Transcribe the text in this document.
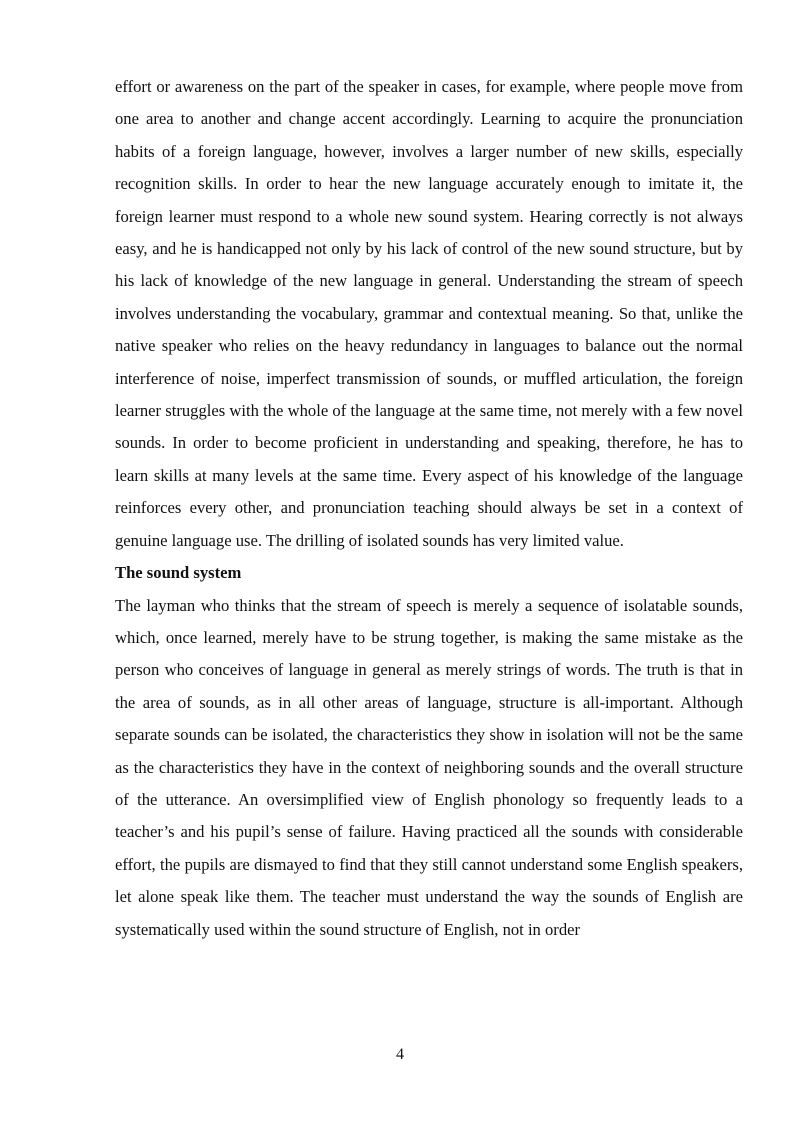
effort or awareness on the part of the speaker in cases, for example, where people move from one area to another and change accent accordingly. Learning to acquire the pronunciation habits of a foreign language, however, involves a larger number of new skills, especially recognition skills. In order to hear the new language accurately enough to imitate it, the foreign learner must respond to a whole new sound system. Hearing correctly is not always easy, and he is handicapped not only by his lack of control of the new sound structure, but by his lack of knowledge of the new language in general. Understanding the stream of speech involves understanding the vocabulary, grammar and contextual meaning. So that, unlike the native speaker who relies on the heavy redundancy in languages to balance out the normal interference of noise, imperfect transmission of sounds, or muffled articulation, the foreign learner struggles with the whole of the language at the same time, not merely with a few novel sounds. In order to become proficient in understanding and speaking, therefore, he has to learn skills at many levels at the same time. Every aspect of his knowledge of the language reinforces every other, and pronunciation teaching should always be set in a context of genuine language use. The drilling of isolated sounds has very limited value.

The sound system

The layman who thinks that the stream of speech is merely a sequence of isolatable sounds, which, once learned, merely have to be strung together, is making the same mistake as the person who conceives of language in general as merely strings of words. The truth is that in the area of sounds, as in all other areas of language, structure is all-important. Although separate sounds can be isolated, the characteristics they show in isolation will not be the same as the characteristics they have in the context of neighboring sounds and the overall structure of the utterance. An oversimplified view of English phonology so frequently leads to a teacher’s and his pupil’s sense of failure. Having practiced all the sounds with considerable effort, the pupils are dismayed to find that they still cannot understand some English speakers, let alone speak like them. The teacher must understand the way the sounds of English are systematically used within the sound structure of English, not in order

4
